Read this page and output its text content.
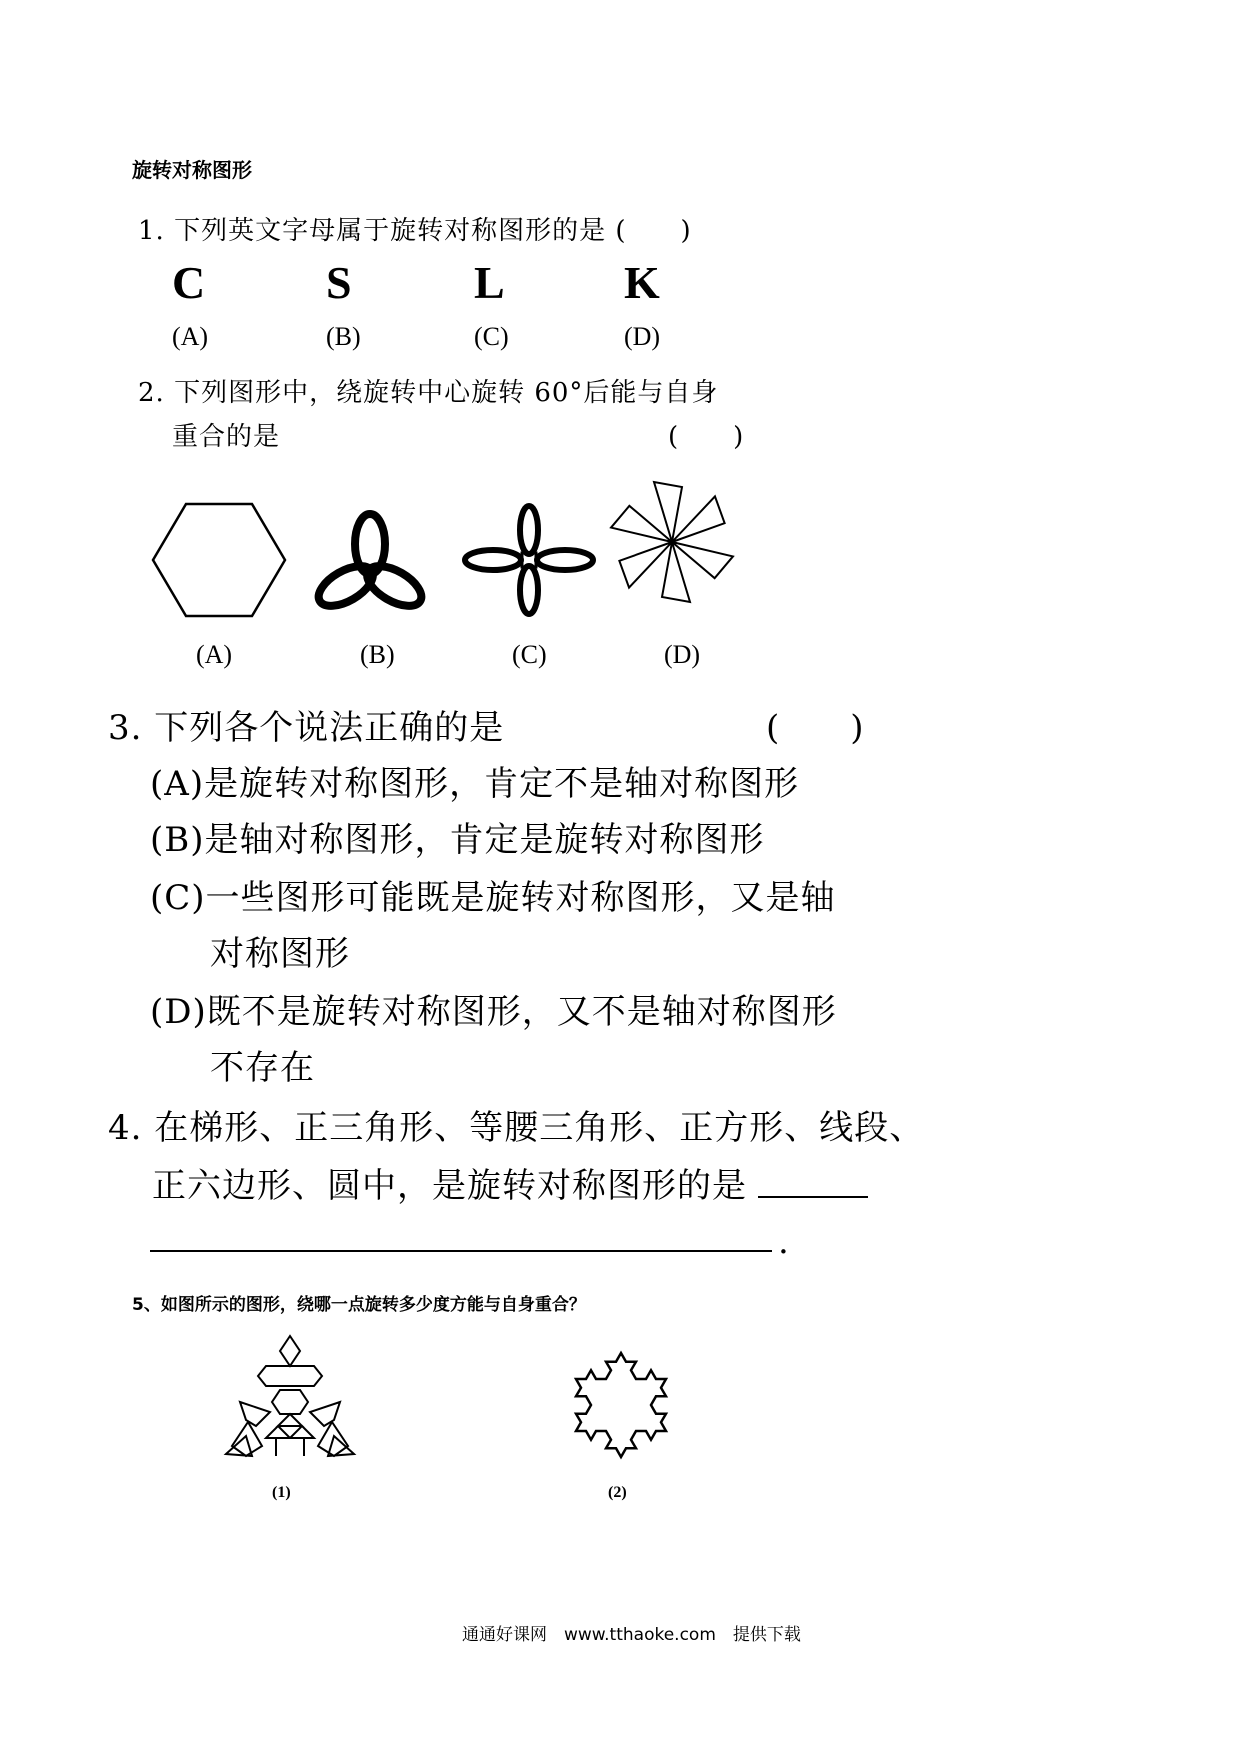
旋转对称图形
1. 下列英文字母属于旋转对称图形的是 (　　)
C	S	L	K
(A)	(B)	(C)	(D)
2. 下列图形中，绕旋转中心旋转 60°后能与自身
重合的是	(　　)
(A)	(B)	(C)	(D)
3. 下列各个说法正确的是	(　　)
(A)是旋转对称图形，肯定不是轴对称图形
(B)是轴对称图形，肯定是旋转对称图形
(C)一些图形可能既是旋转对称图形，又是轴
对称图形
(D)既不是旋转对称图形，又不是轴对称图形
不存在
4. 在梯形、正三角形、等腰三角形、正方形、线段、
正六边形、圆中，是旋转对称图形的是
.
5、如图所示的图形，绕哪一点旋转多少度方能与自身重合？
(1)	(2)
通通好课网　www.tthaoke.com　提供下载
